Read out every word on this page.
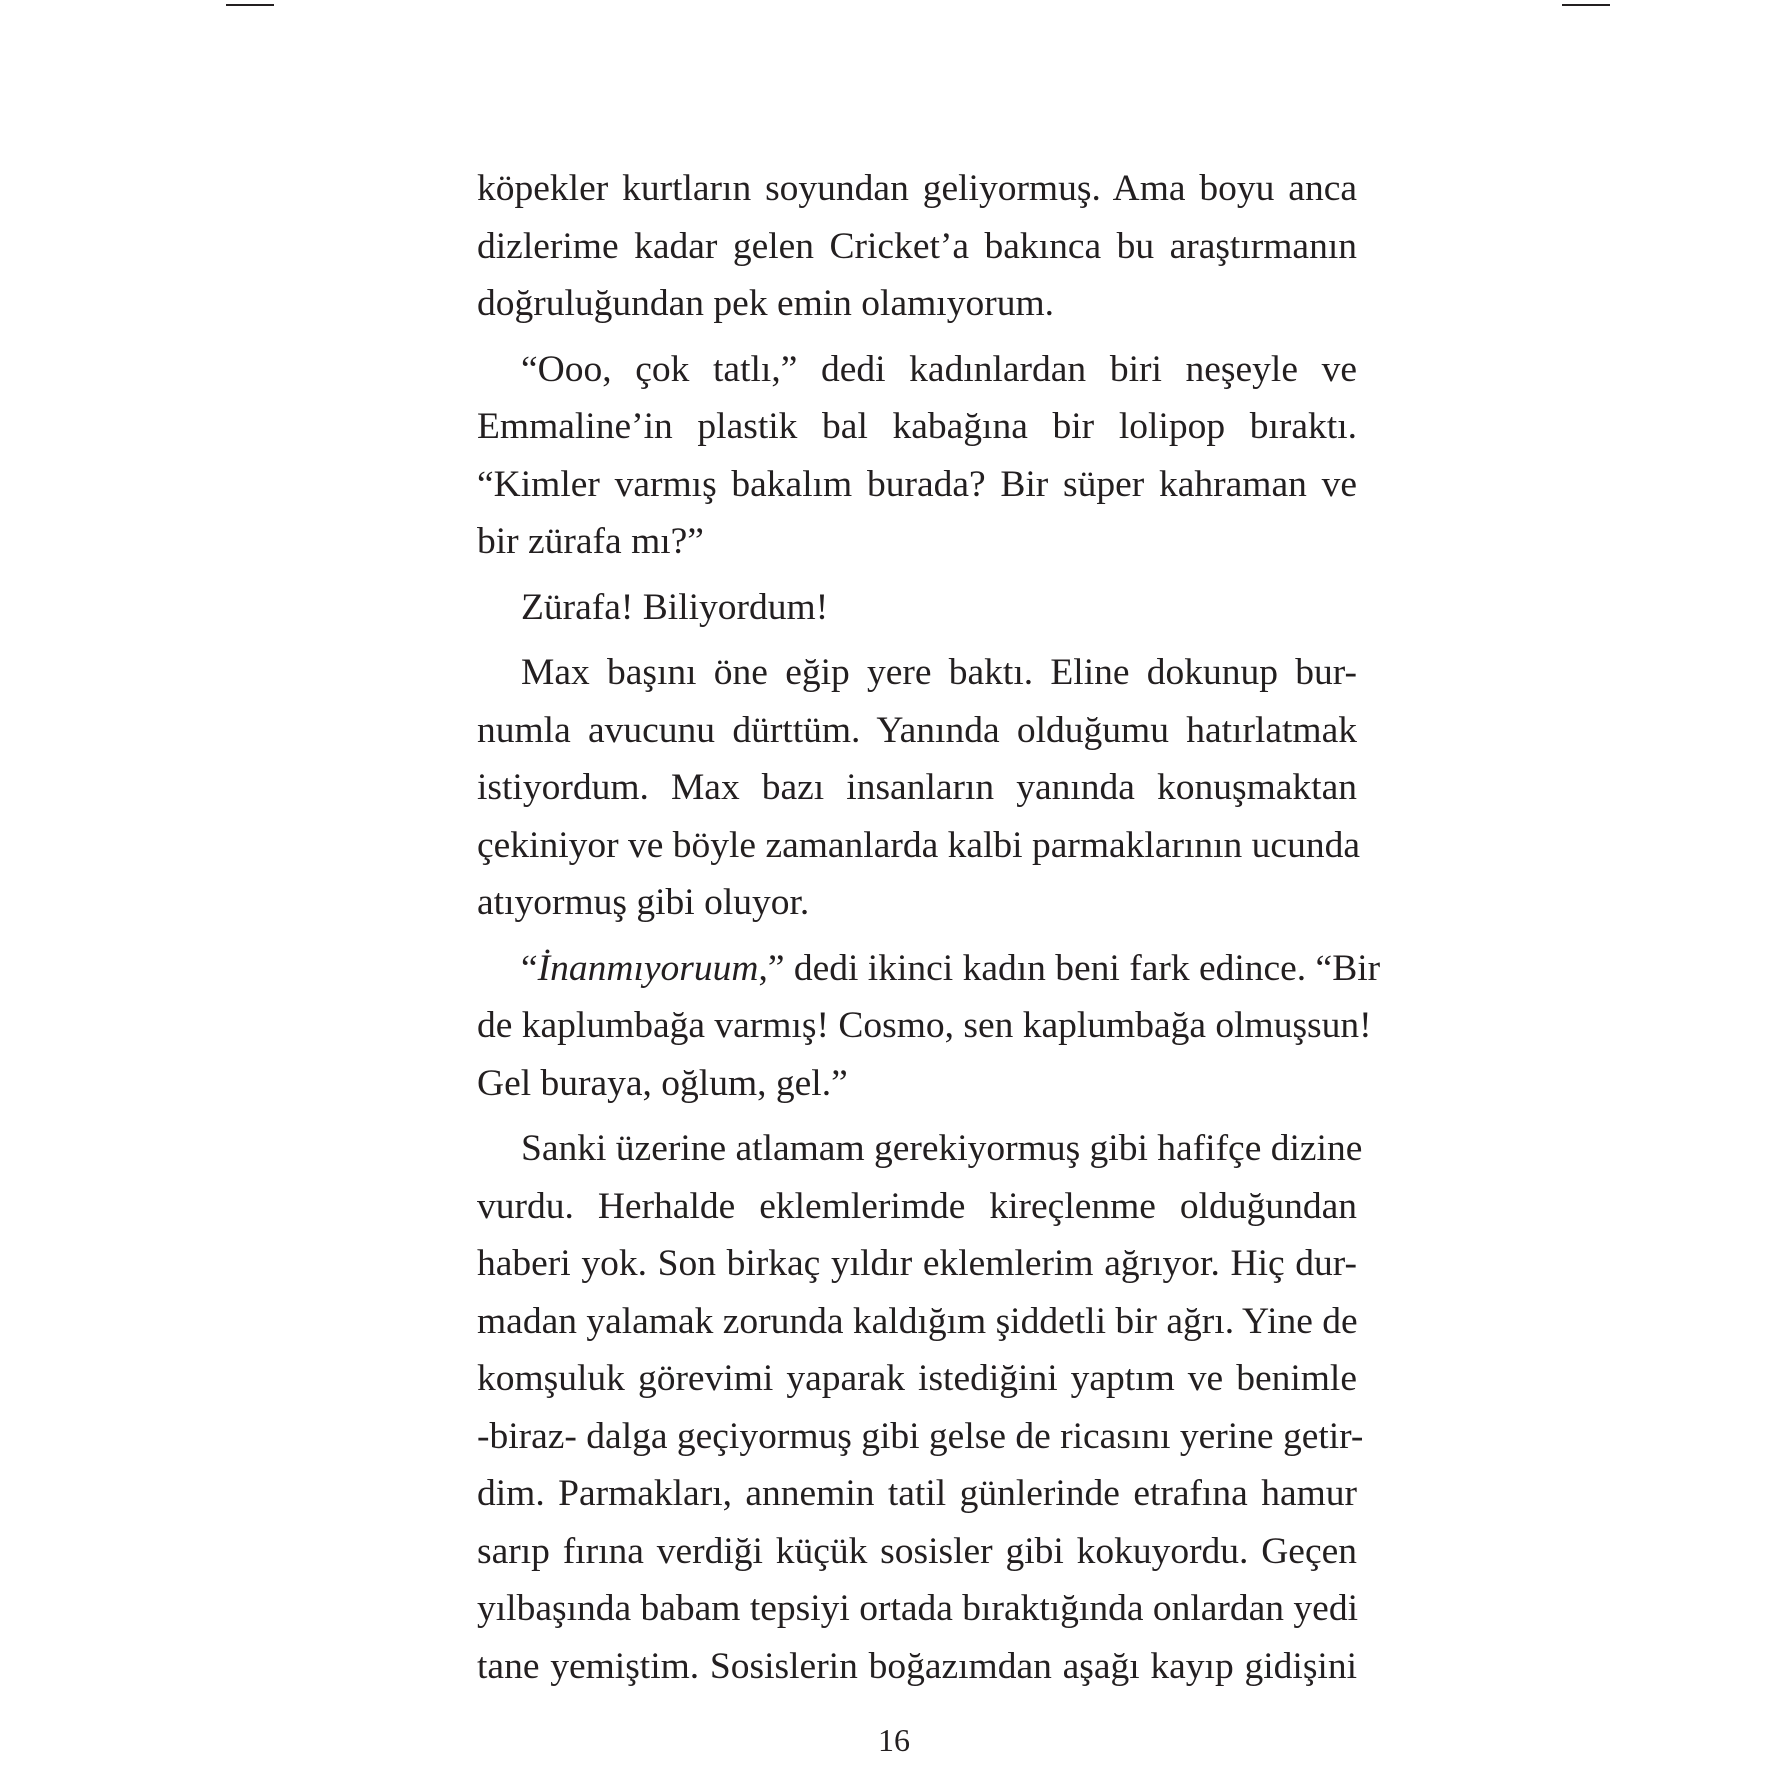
köpekler kurtların soyundan geliyormuş. Ama boyu anca
dizlerime kadar gelen Cricket’a bakınca bu araştırmanın
doğruluğundan pek emin olamıyorum.
“Ooo, çok tatlı,” dedi kadınlardan biri neşeyle ve
Emmaline’in plastik bal kabağına bir lolipop bıraktı.
“Kimler varmış bakalım burada? Bir süper kahraman ve
bir zürafa mı?”
Zürafa! Biliyordum!
Max başını öne eğip yere baktı. Eline dokunup bur-
numla avucunu dürttüm. Yanında olduğumu hatırlatmak
istiyordum. Max bazı insanların yanında konuşmaktan
çekiniyor ve böyle zamanlarda kalbi parmaklarının ucunda
atıyormuş gibi oluyor.
“İnanmıyoruum,” dedi ikinci kadın beni fark edince. “Bir
de kaplumbağa varmış! Cosmo, sen kaplumbağa olmuşsun!
Gel buraya, oğlum, gel.”
Sanki üzerine atlamam gerekiyormuş gibi hafifçe dizine
vurdu. Herhalde eklemlerimde kireçlenme olduğundan
haberi yok. Son birkaç yıldır eklemlerim ağrıyor. Hiç dur-
madan yalamak zorunda kaldığım şiddetli bir ağrı. Yine de
komşuluk görevimi yaparak istediğini yaptım ve benimle
-biraz- dalga geçiyormuş gibi gelse de ricasını yerine getir-
dim. Parmakları, annemin tatil günlerinde etrafına hamur
sarıp fırına verdiği küçük sosisler gibi kokuyordu. Geçen
yılbaşında babam tepsiyi ortada bıraktığında onlardan yedi
tane yemiştim. Sosislerin boğazımdan aşağı kayıp gidişini
16
